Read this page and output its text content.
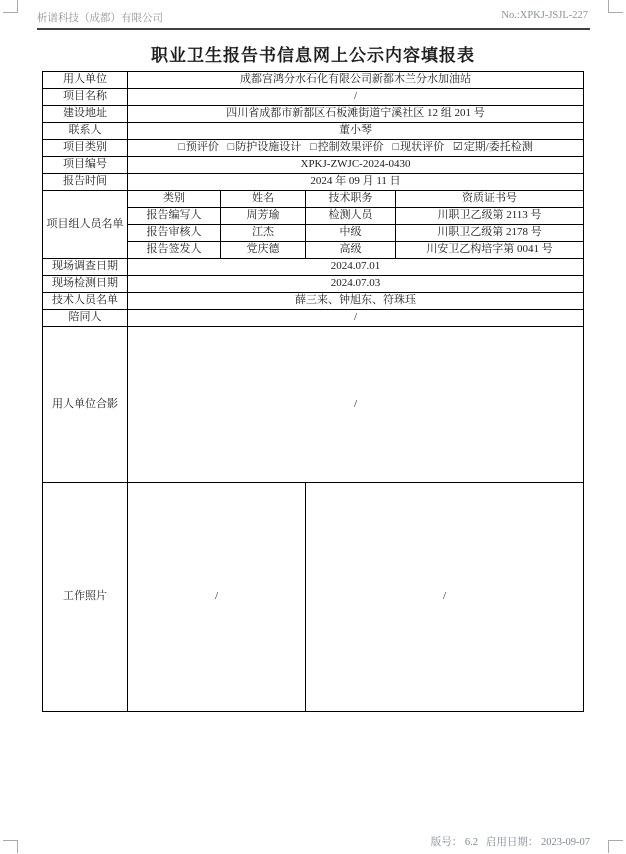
析谱科技（成都）有限公司	No.:XPKJ-JSJL-227
职业卫生报告书信息网上公示内容填报表
用人单位	成都宫鸿分水石化有限公司新都木兰分水加油站			
项目名称	/			
建设地址	四川省成都市新都区石板滩街道宁溪社区 12 组 201 号			
联系人	董小琴			
项目类别	□预评价 □防护设施设计 □控制效果评价 □现状评价 ☑定期/委托检测			
项目编号	XPKJ-ZWJC-2024-0430			
报告时间	2024 年 09 月 11 日			
项目组人员名单	类别	姓名	技术职务	资质证书号
	报告编写人	周芳瑜	检测人员	川职卫乙级第 2113 号
	报告审核人	江杰	中级	川职卫乙级第 2178 号
	报告签发人	党庆德	高级	川安卫乙构培字第 0041 号
现场调查日期	2024.07.01			
现场检测日期	2024.07.03			
技术人员名单	薛三来、钟旭东、符珠珏			
陪同人	/			
用人单位合影	/			
工作照片	/		/	
版号： 6.2   启用日期： 2023-09-07
